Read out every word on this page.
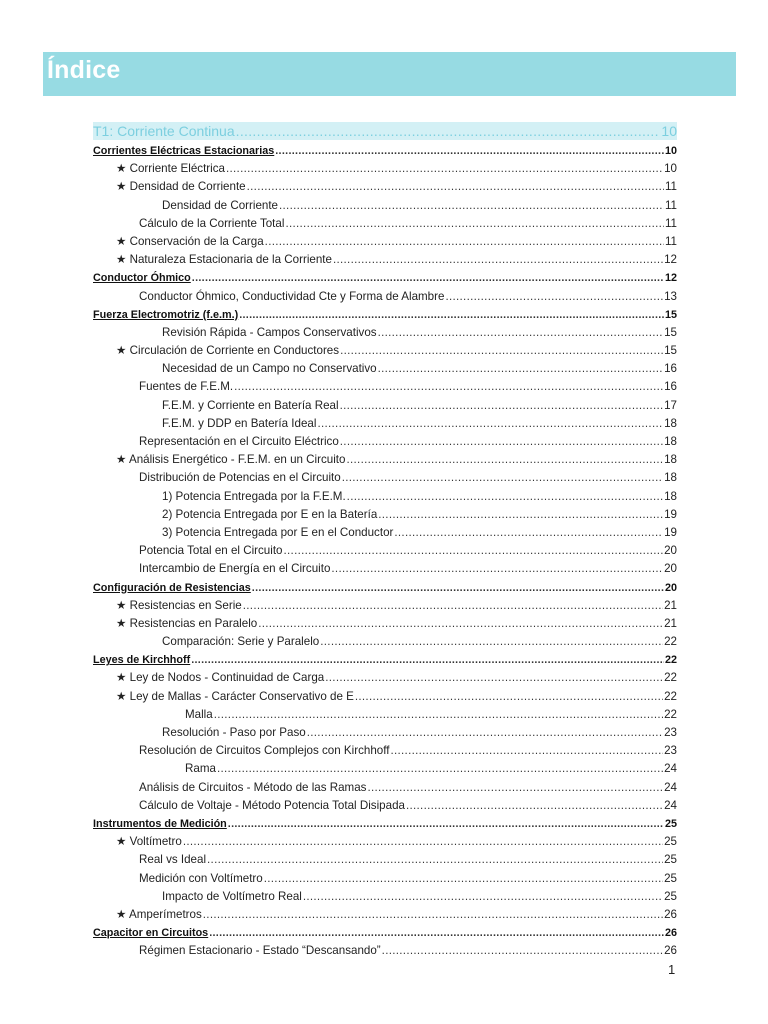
Índice
T1: Corriente Continua .....	10
Corrientes Eléctricas Estacionarias .....	10
★ Corriente Eléctrica .....	10
★ Densidad de Corriente .....	11
Densidad de Corriente .....	11
Cálculo de la Corriente Total .....	11
★ Conservación de la Carga .....	11
★ Naturaleza Estacionaria de la Corriente .....	12
Conductor Óhmico .....	12
Conductor Óhmico, Conductividad Cte y Forma de Alambre .....	13
Fuerza Electromotriz (f.e.m.) .....	15
Revisión Rápida - Campos Conservativos .....	15
★ Circulación de Corriente en Conductores .....	15
Necesidad de un Campo no Conservativo .....	16
Fuentes de F.E.M. .....	16
F.E.M. y Corriente en Batería Real .....	17
F.E.M. y DDP en Batería Ideal .....	18
Representación en el Circuito Eléctrico .....	18
★ Análisis Energético - F.E.M. en un Circuito .....	18
Distribución de Potencias en el Circuito .....	18
1) Potencia Entregada por la F.E.M. .....	18
2) Potencia Entregada por E en la Batería .....	19
3) Potencia Entregada por E en el Conductor .....	19
Potencia Total en el Circuito .....	20
Intercambio de Energía en el Circuito .....	20
Configuración de Resistencias .....	20
★ Resistencias en Serie .....	21
★ Resistencias en Paralelo .....	21
Comparación: Serie y Paralelo .....	22
Leyes de Kirchhoff .....	22
★ Ley de Nodos - Continuidad de Carga .....	22
★ Ley de Mallas - Carácter Conservativo de E .....	22
Malla .....	22
Resolución - Paso por Paso .....	23
Resolución de Circuitos Complejos con Kirchhoff .....	23
Rama .....	24
Análisis de Circuitos - Método de las Ramas .....	24
Cálculo de Voltaje - Método Potencia Total Disipada .....	24
Instrumentos de Medición .....	25
★ Voltímetro .....	25
Real vs Ideal .....	25
Medición con Voltímetro .....	25
Impacto de Voltímetro Real .....	25
★ Amperímetros .....	26
Capacitor en Circuitos .....	26
Régimen Estacionario - Estado “Descansando” .....	26
1
